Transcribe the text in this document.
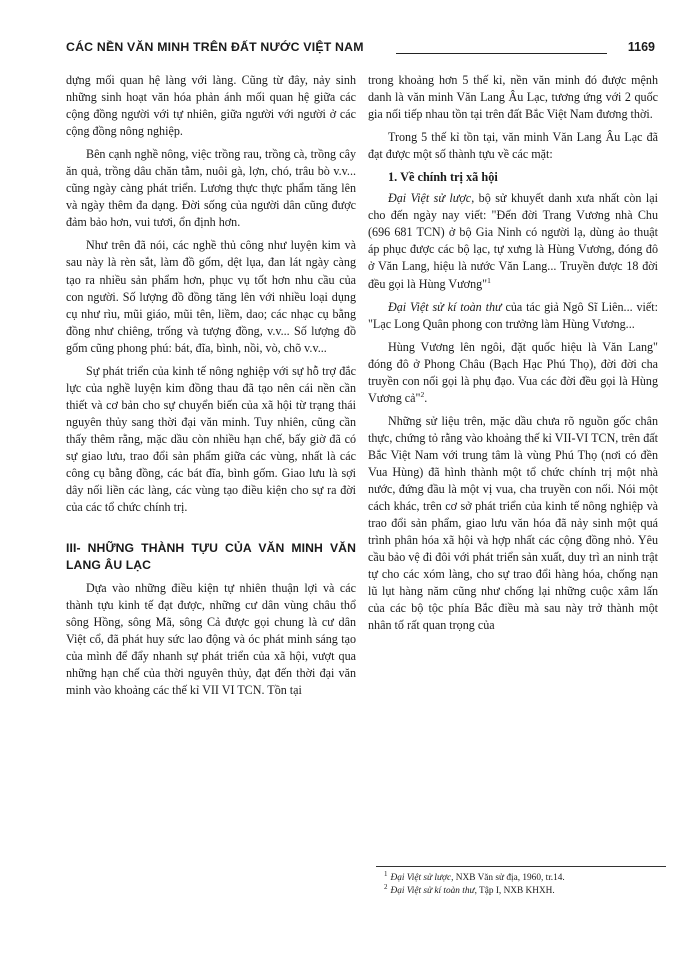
CÁC NỀN VĂN MINH TRÊN ĐẤT NƯỚC VIỆT NAM	1169

dựng mối quan hệ làng với làng. Cũng từ đây, nảy sinh những sinh hoạt văn hóa phản ánh mối quan hệ giữa các cộng đồng người với tự nhiên, giữa người với người ở các cộng đồng nông nghiệp.

Bên cạnh nghề nông, việc trồng rau, trồng cà, trồng cây ăn quả, trồng dâu chăn tằm, nuôi gà, lợn, chó, trâu bò v.v... cũng ngày càng phát triển. Lương thực thực phẩm tăng lên và ngày thêm đa dạng. Đời sống của người dân cũng được đảm bảo hơn, vui tươi, ổn định hơn.

Như trên đã nói, các nghề thủ công như luyện kim và sau này là rèn sắt, làm đồ gốm, dệt lụa, đan lát ngày càng tạo ra nhiều sản phẩm hơn, phục vụ tốt hơn nhu cầu của con người. Số lượng đồ đồng tăng lên với nhiều loại dụng cụ như rìu, mũi giáo, mũi tên, liềm, dao; các nhạc cụ bằng đồng như chiêng, trống và tượng đồng, v.v... Số lượng đồ gốm cũng phong phú: bát, đĩa, bình, nồi, vò, chõ v.v...

Sự phát triển của kinh tế nông nghiệp với sự hỗ trợ đắc lực của nghề luyện kim đồng thau đã tạo nên cái nền cần thiết và cơ bản cho sự chuyển biến của xã hội từ trạng thái nguyên thủy sang thời đại văn minh. Tuy nhiên, cũng cần thấy thêm rằng, mặc dầu còn nhiều hạn chế, bấy giờ đã có sự giao lưu, trao đổi sản phẩm giữa các vùng, nhất là các công cụ bằng đồng, các bát đĩa, bình gốm. Giao lưu là sợi dây nối liền các làng, các vùng tạo điều kiện cho sự ra đời của các tổ chức chính trị.

III- NHỮNG THÀNH TỰU CỦA VĂN MINH VĂN LANG ÂU LẠC

Dựa vào những điều kiện tự nhiên thuận lợi và các thành tựu kinh tế đạt được, những cư dân vùng châu thổ sông Hồng, sông Mã, sông Cả được gọi chung là cư dân Việt cổ, đã phát huy sức lao động và óc phát minh sáng tạo của mình để đẩy nhanh sự phát triển của xã hội, vượt qua những hạn chế của thời nguyên thủy, đạt đến thời đại văn minh vào khoảng các thế kỉ VII VI TCN. Tồn tại

trong khoảng hơn 5 thế kỉ, nền văn minh đó được mệnh danh là văn minh Văn Lang Âu Lạc, tương ứng với 2 quốc gia nối tiếp nhau tồn tại trên đất Bắc Việt Nam đương thời.

Trong 5 thế kỉ tồn tại, văn minh Văn Lang Âu Lạc đã đạt được một số thành tựu về các mặt:

1. Về chính trị xã hội

Đại Việt sử lược, bộ sử khuyết danh xưa nhất còn lại cho đến ngày nay viết: "Đến đời Trang Vương nhà Chu (696 681 TCN) ở bộ Gia Ninh có người lạ, dùng ảo thuật áp phục được các bộ lạc, tự xưng là Hùng Vương, đóng đô ở Văn Lang, hiệu là nước Văn Lang... Truyền được 18 đời đều gọi là Hùng Vương"$^1$

Đại Việt sử kí toàn thư của tác giả Ngô Sĩ Liên... viết: "Lạc Long Quân phong con trưởng làm Hùng Vương...

Hùng Vương lên ngôi, đặt quốc hiệu là Văn Lang" đóng đô ở Phong Châu (Bạch Hạc Phú Thọ), đời đời cha truyền con nối gọi là phụ đạo. Vua các đời đều gọi là Hùng Vương cả"$^2$.

Những sử liệu trên, mặc dầu chưa rõ nguồn gốc chân thực, chứng tỏ rằng vào khoảng thế kỉ VII-VI TCN, trên đất Bắc Việt Nam với trung tâm là vùng Phú Thọ (nơi có đền Vua Hùng) đã hình thành một tổ chức chính trị một nhà nước, đứng đầu là một vị vua, cha truyền con nối. Nói một cách khác, trên cơ sở phát triển của kinh tế nông nghiệp và trao đổi sản phẩm, giao lưu văn hóa đã nảy sinh một quá trình phân hóa xã hội và hợp nhất các cộng đồng nhỏ. Yêu cầu bảo vệ đi đôi với phát triển sản xuất, duy trì an ninh trật tự cho các xóm làng, cho sự trao đổi hàng hóa, chống nạn lũ lụt hàng năm cũng như chống lại những cuộc xâm lấn của các bộ tộc phía Bắc điều mà sau này trở thành một nhân tố rất quan trọng của

$^1$ Đại Việt sử lược, NXB Văn sử địa, 1960, tr.14.

$^2$ Đại Việt sử kí toàn thư, Tập I, NXB KHXH.
